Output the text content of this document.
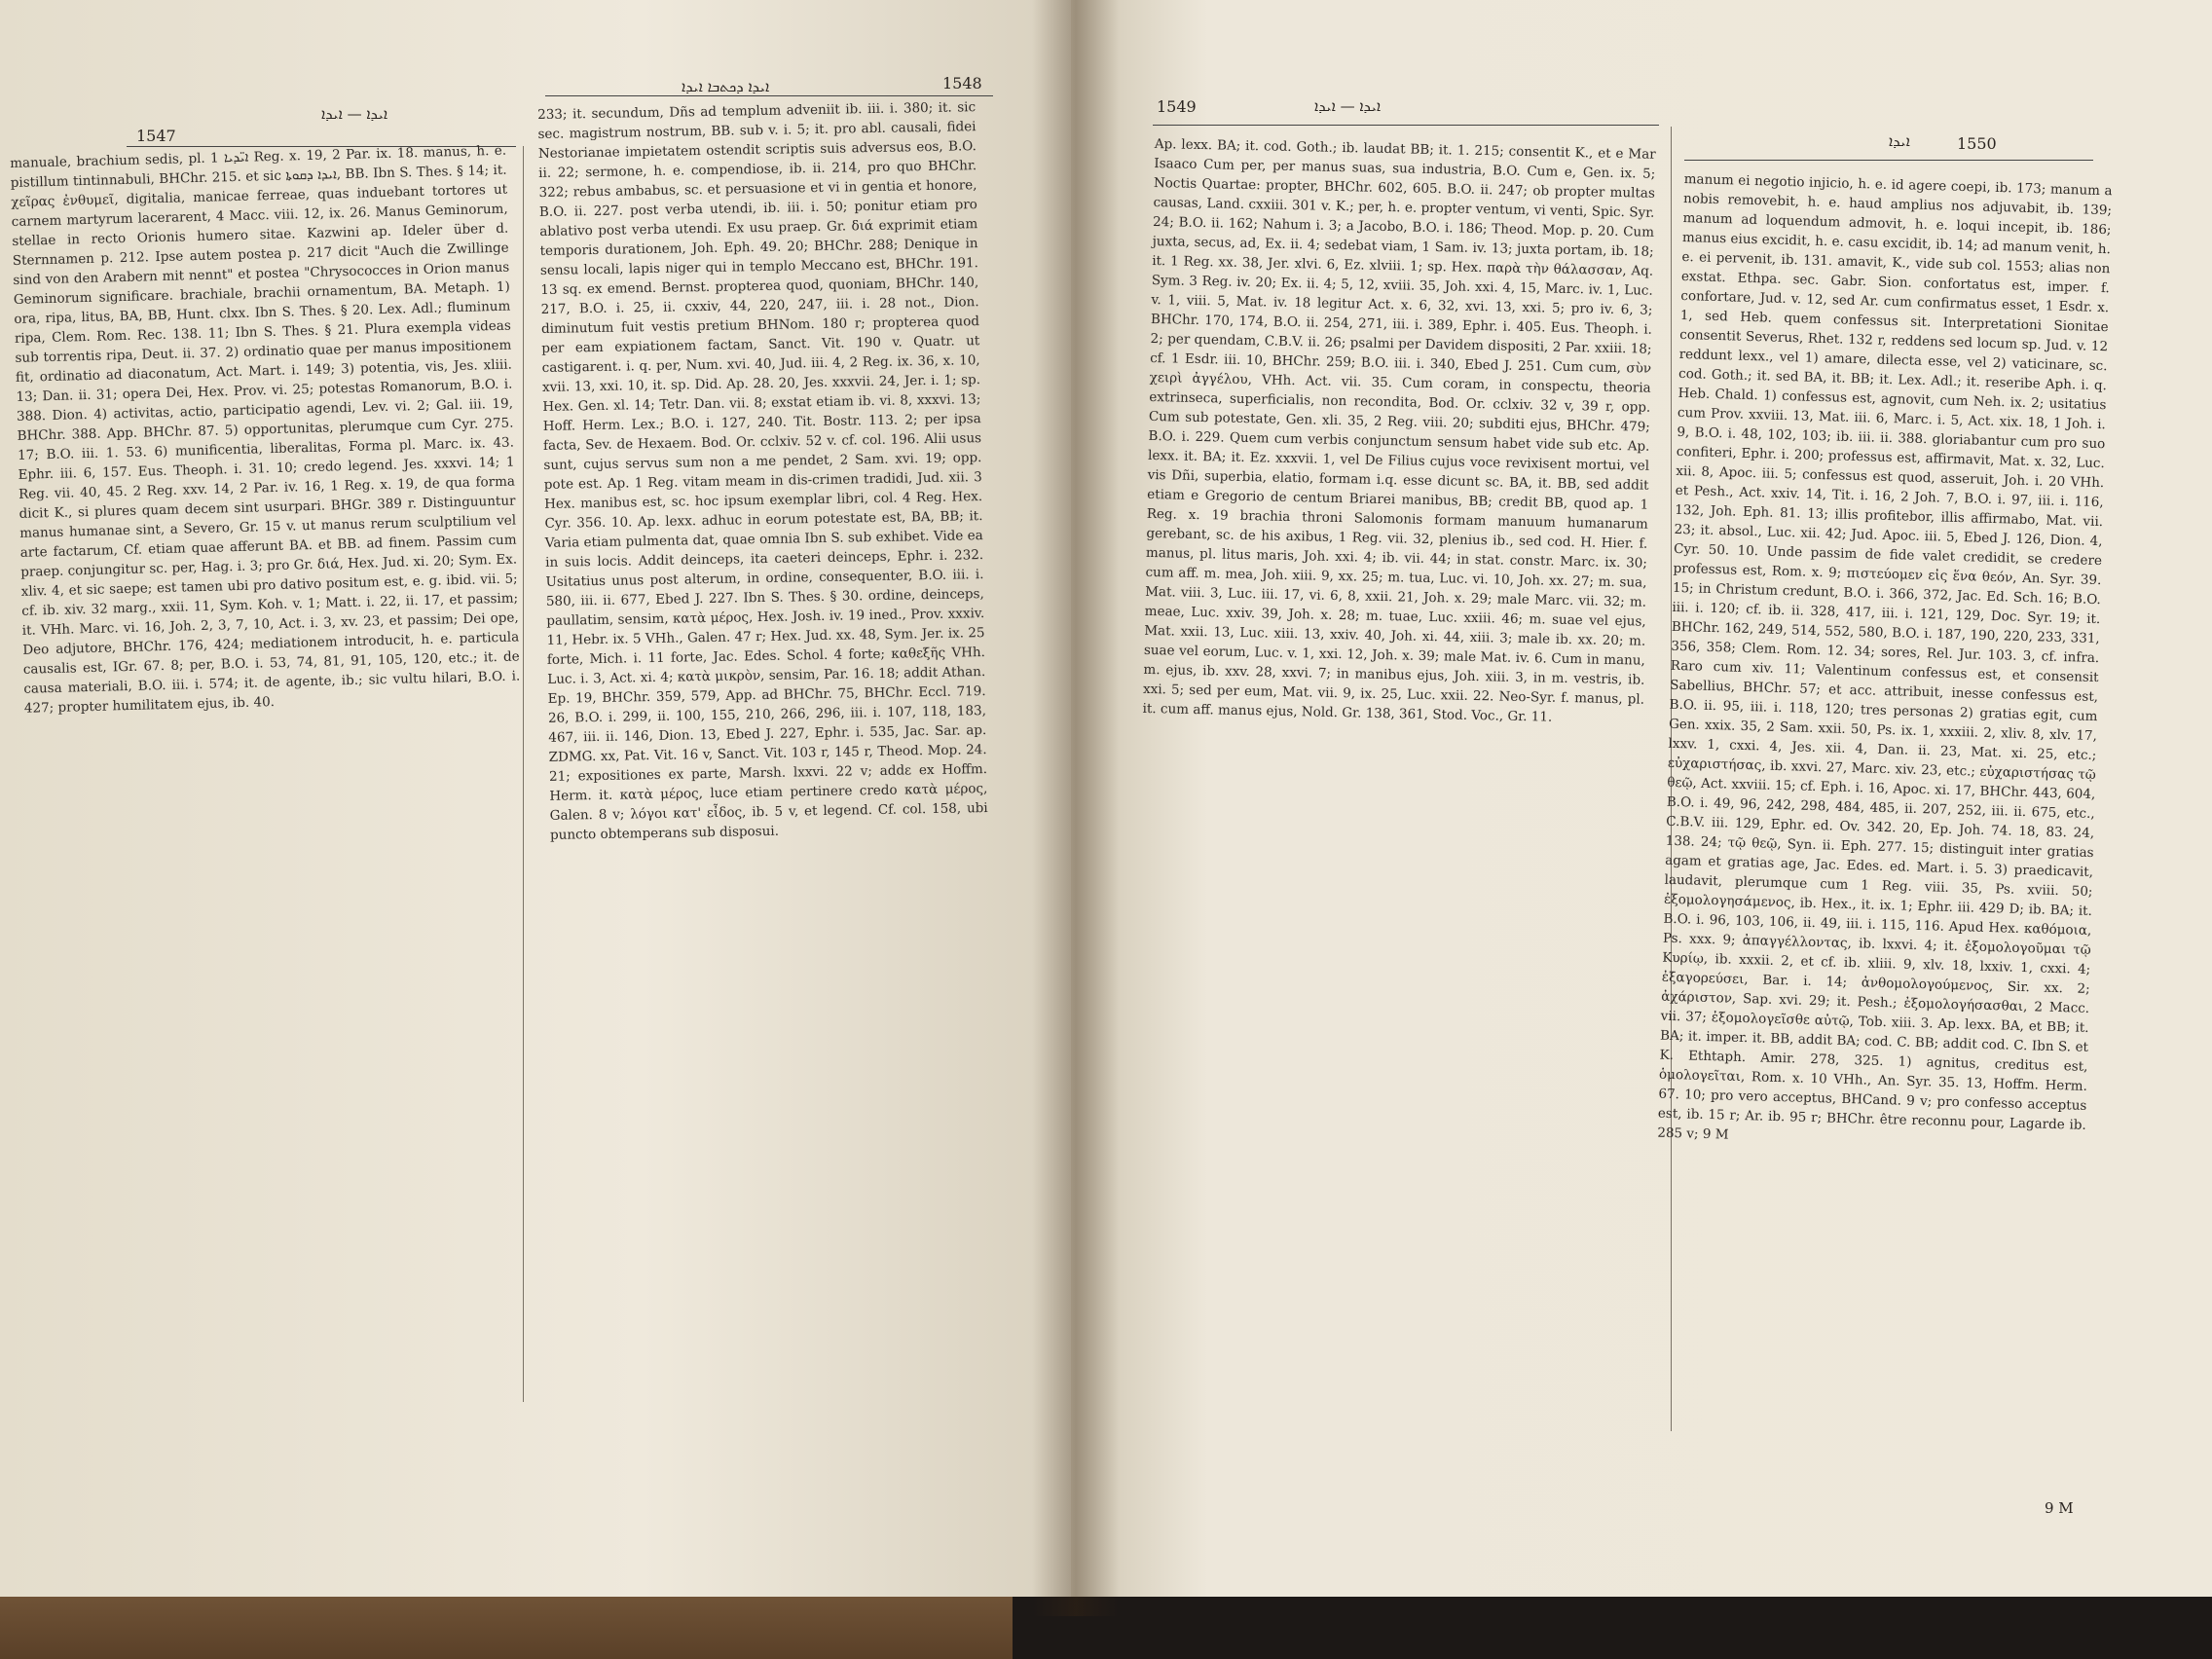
1547
ܐܝܕܐ — ܐܝܕܐ
ܐܝܕܐ ܕܟܬܒܐ ܐܝܕܐ	1548

manuale, brachium sedis, pl. ܐܝ̈ܕܝܐ 1 Reg. x. 19, 2 Par. ix. 18. manus, h. e. pistillum tintinnabuli, BHChr. 215. et sic ܐܝܕܐ ܕܩܘܬܐ, BB. Ibn S. Thes. § 14; it. χεῖρας ἐνθυμεῖ, digitalia, manicae ferreae, quas induebant tortores ut carnem martyrum lacerarent, 4 Macc. viii. 12, ix. 26. Manus Geminorum, stellae in recto Orionis humero sitae. Kazwini ap. Ideler über d. Sternnamen p. 212. Ipse autem postea p. 217 dicit "Auch die Zwillinge sind von den Arabern mit nennt" et postea "Chrysococces in Orion manus Geminorum significare. brachiale, brachii ornamentum, BA. Metaph. 1) ora, ripa, litus, BA, BB, Hunt. clxx. Ibn S. Thes. § 20. Lex. Adl.; fluminum ripa, Clem. Rom. Rec. 138. 11; Ibn S. Thes. § 21. Plura exempla videas sub torrentis ripa, Deut. ii. 37. 2) ordinatio quae per manus impositionem fit, ordinatio ad diaconatum, Act. Mart. i. 149; 3) potentia, vis, Jes. xliii. 13; Dan. ii. 31; opera Dei, Hex. Prov. vi. 25; potestas Romanorum, B.O. i. 388. Dion. 4) activitas, actio, participatio agendi, Lev. vi. 2; Gal. iii. 19, BHChr. 388. App. BHChr. 87. 5) opportunitas, plerumque cum Cyr. 275. 17; B.O. iii. 1. 53. 6) munificentia, liberalitas, Forma pl. Marc. ix. 43. Ephr. iii. 6, 157. Eus. Theoph. i. 31. 10; credo legend. Jes. xxxvi. 14; 1 Reg. vii. 40, 45. 2 Reg. xxv. 14, 2 Par. iv. 16, 1 Reg. x. 19, de qua forma dicit K., si plures quam decem sint usurpari. BHGr. 389 r. Distinguuntur manus humanae sint, a Severo, Gr. 15 v. ut manus rerum sculptilium vel arte factarum, Cf. etiam quae afferunt BA. et BB. ad finem. Passim cum praep. conjungitur sc. per, Hag. i. 3; pro Gr. διά, Hex. Jud. xi. 20; Sym. Ex. xliv. 4, et sic saepe; est tamen ubi pro dativo positum est, e. g. ibid. vii. 5; cf. ib. xiv. 32 marg., xxii. 11, Sym. Koh. v. 1; Matt. i. 22, ii. 17, et passim; it. VHh. Marc. vi. 16, Joh. 2, 3, 7, 10, Act. i. 3, xv. 23, et passim; Dei ope, Deo adjutore, BHChr. 176, 424; mediationem introducit, h. e. particula causalis est, IGr. 67. 8; per, B.O. i. 53, 74, 81, 91, 105, 120, etc.; it. de causa materiali, B.O. iii. i. 574; it. de agente, ib.; sic vultu hilari, B.O. i. 427; propter humilitatem ejus, ib. 40.

233; it. secundum, Dñs ad templum adveniit ib. iii. i. 380; it. sic sec. magistrum nostrum, BB. sub v. i. 5; it. pro abl. causali, fidei Nestorianae impietatem ostendit scriptis suis adversus eos, B.O. ii. 22; sermone, h. e. compendiose, ib. ii. 214, pro quo BHChr. 322; rebus ambabus, sc. et persuasione et vi in gentia et honore, B.O. ii. 227. post verba utendi, ib. iii. i. 50; ponitur etiam pro ablativo post verba utendi. Ex usu praep. Gr. διά exprimit etiam temporis durationem, Joh. Eph. 49. 20; BHChr. 288; Denique in sensu locali, lapis niger qui in templo Meccano est, BHChr. 191. 13 sq. ex emend. Bernst. propterea quod, quoniam, BHChr. 140, 217, B.O. i. 25, ii. cxxiv, 44, 220, 247, iii. i. 28 not., Dion. diminutum fuit vestis pretium BHNom. 180 r; propterea quod per eam expiationem factam, Sanct. Vit. 190 v. Quatr. ut castigarent. i. q. per, Num. xvi. 40, Jud. iii. 4, 2 Reg. ix. 36, x. 10, xvii. 13, xxi. 10, it. sp. Did. Ap. 28. 20, Jes. xxxvii. 24, Jer. i. 1; sp. Hex. Gen. xl. 14; Tetr. Dan. vii. 8; exstat etiam ib. vi. 8, xxxvi. 13; Hoff. Herm. Lex.; B.O. i. 127, 240. Tit. Bostr. 113. 2; per ipsa facta, Sev. de Hexaem. Bod. Or. cclxiv. 52 v. cf. col. 196. Alii usus sunt, cujus servus sum non a me pendet, 2 Sam. xvi. 19; opp. pote est. Ap. 1 Reg. vitam meam in dis-crimen tradidi, Jud. xii. 3 Hex. manibus est, sc. hoc ipsum exemplar libri, col. 4 Reg. Hex. Cyr. 356. 10. Ap. lexx. adhuc in eorum potestate est, BA, BB; it. Varia etiam pulmenta dat, quae omnia Ibn S. sub exhibet. Vide ea in suis locis. Addit deinceps, ita caeteri deinceps, Ephr. i. 232. Usitatius unus post alterum, in ordine, consequenter, B.O. iii. i. 580, iii. ii. 677, Ebed J. 227. Ibn S. Thes. § 30. ordine, deinceps, paullatim, sensim, κατὰ μέρος, Hex. Josh. iv. 19 ined., Prov. xxxiv. 11, Hebr. ix. 5 VHh., Galen. 47 r; Hex. Jud. xx. 48, Sym. Jer. ix. 25 forte, Mich. i. 11 forte, Jac. Edes. Schol. 4 forte; καθεξῆς VHh. Luc. i. 3, Act. xi. 4; κατὰ μικρὸν, sensim, Par. 16. 18; addit Athan. Ep. 19, BHChr. 359, 579, App. ad BHChr. 75, BHChr. Eccl. 719. 26, B.O. i. 299, ii. 100, 155, 210, 266, 296, iii. i. 107, 118, 183, 467, iii. ii. 146, Dion. 13, Ebed J. 227, Ephr. i. 535, Jac. Sar. ap. ZDMG. xx, Pat. Vit. 16 v, Sanct. Vit. 103 r, 145 r, Theod. Mop. 24. 21; expositiones ex parte, Marsh. lxxvi. 22 v; addε ex Hoffm. Herm. it. κατὰ μέρος, luce etiam pertinere credo κατὰ μέρος, Galen. 8 v; λόγοι κατ' εἶδος, ib. 5 v, et legend. Cf. col. 158, ubi puncto obtemperans sub disposui.

1549	ܐܝܕܐ — ܐܝܕܐ
ܐܝܕܐ	1550

Ap. lexx. BA; it. cod. Goth.; ib. laudat BB; it. 1. 215; consentit K., et e Mar Isaaco Cum per, per manus suas, sua industria, B.O. Cum e, Gen. ix. 5; Noctis Quartae: propter, BHChr. 602, 605. B.O. ii. 247; ob propter multas causas, Land. cxxiii. 301 v. K.; per, h. e. propter ventum, vi venti, Spic. Syr. 24; B.O. ii. 162; Nahum i. 3; a Jacobo, B.O. i. 186; Theod. Mop. p. 20. Cum juxta, secus, ad, Ex. ii. 4; sedebat viam, 1 Sam. iv. 13; juxta portam, ib. 18; it. 1 Reg. xx. 38, Jer. xlvi. 6, Ez. xlviii. 1; sp. Hex. παρὰ τὴν θάλασσαν, Aq. Sym. 3 Reg. iv. 20; Ex. ii. 4; 5, 12, xviii. 35, Joh. xxi. 4, 15, Marc. iv. 1, Luc. v. 1, viii. 5, Mat. iv. 18 legitur Act. x. 6, 32, xvi. 13, xxi. 5; pro iv. 6, 3; BHChr. 170, 174, B.O. ii. 254, 271, iii. i. 389, Ephr. i. 405. Eus. Theoph. i. 2; per quendam, C.B.V. ii. 26; psalmi per Davidem dispositi, 2 Par. xxiii. 18; cf. 1 Esdr. iii. 10, BHChr. 259; B.O. iii. i. 340, Ebed J. 251. Cum cum, σὺν χειρὶ ἀγγέλου, VHh. Act. vii. 35. Cum coram, in conspectu, theoria extrinseca, superficialis, non recondita, Bod. Or. cclxiv. 32 v, 39 r, opp. Cum sub potestate, Gen. xli. 35, 2 Reg. viii. 20; subditi ejus, BHChr. 479; B.O. i. 229. Quem cum verbis conjunctum sensum habet vide sub etc. Ap. lexx. it. BA; it. Ez. xxxvii. 1, vel De Filius cujus voce revixisent mortui, vel vis Dñi, superbia, elatio, formam i.q. esse dicunt sc. BA, it. BB, sed addit etiam e Gregorio de centum Briarei manibus, BB; credit BB, quod ap. 1 Reg. x. 19 brachia throni Salomonis formam manuum humanarum gerebant, sc. de his axibus, 1 Reg. vii. 32, plenius ib., sed cod. H. Hier. f. manus, pl. litus maris, Joh. xxi. 4; ib. vii. 44; in stat. constr. Marc. ix. 30; cum aff. m. mea, Joh. xiii. 9, xx. 25; m. tua, Luc. vi. 10, Joh. xx. 27; m. sua, Mat. viii. 3, Luc. iii. 17, vi. 6, 8, xxii. 21, Joh. x. 29; male Marc. vii. 32; m. meae, Luc. xxiv. 39, Joh. x. 28; m. tuae, Luc. xxiii. 46; m. suae vel ejus, Mat. xxii. 13, Luc. xiii. 13, xxiv. 40, Joh. xi. 44, xiii. 3; male ib. xx. 20; m. suae vel eorum, Luc. v. 1, xxi. 12, Joh. x. 39; male Mat. iv. 6. Cum in manu, m. ejus, ib. xxv. 28, xxvi. 7; in manibus ejus, Joh. xiii. 3, in m. vestris, ib. xxi. 5; sed per eum, Mat. vii. 9, ix. 25, Luc. xxii. 22. Neo-Syr. f. manus, pl. it. cum aff. manus ejus, Nold. Gr. 138, 361, Stod. Voc., Gr. 11.

manum ei negotio injicio, h. e. id agere coepi, ib. 173; manum a nobis removebit, h. e. haud amplius nos adjuvabit, ib. 139; manum ad loquendum admovit, h. e. loqui incepit, ib. 186; manus eius excidit, h. e. casu excidit, ib. 14; ad manum venit, h. e. ei pervenit, ib. 131. amavit, K., vide sub col. 1553; alias non exstat. Ethpa. sec. Gabr. Sion. confortatus est, imper. f. confortare, Jud. v. 12, sed Ar. cum confirmatus esset, 1 Esdr. x. 1, sed Heb. quem confessus sit. Interpretationi Sionitae consentit Severus, Rhet. 132 r, reddens sed locum sp. Jud. v. 12 reddunt lexx., vel 1) amare, dilecta esse, vel 2) vaticinare, sc. cod. Goth.; it. sed BA, it. BB; it. Lex. Adl.; it. reseribe Aph. i. q. Heb. Chald. 1) confessus est, agnovit, cum Neh. ix. 2; usitatius cum Prov. xxviii. 13, Mat. iii. 6, Marc. i. 5, Act. xix. 18, 1 Joh. i. 9, B.O. i. 48, 102, 103; ib. iii. ii. 388. gloriabantur cum pro suo confiteri, Ephr. i. 200; professus est, affirmavit, Mat. x. 32, Luc. xii. 8, Apoc. iii. 5; confessus est quod, asseruit, Joh. i. 20 VHh. et Pesh., Act. xxiv. 14, Tit. i. 16, 2 Joh. 7, B.O. i. 97, iii. i. 116, 132, Joh. Eph. 81. 13; illis profitebor, illis affirmabo, Mat. vii. 23; it. absol., Luc. xii. 42; Jud. Apoc. iii. 5, Ebed J. 126, Dion. 4, Cyr. 50. 10. Unde passim de fide valet credidit, se credere professus est, Rom. x. 9; πιστεύομεν εἰς ἕνα θεόν, An. Syr. 39. 15; in Christum credunt, B.O. i. 366, 372, Jac. Ed. Sch. 16; B.O. iii. i. 120; cf. ib. ii. 328, 417, iii. i. 121, 129, Doc. Syr. 19; it. BHChr. 162, 249, 514, 552, 580, B.O. i. 187, 190, 220, 233, 331, 356, 358; Clem. Rom. 12. 34; sores, Rel. Jur. 103. 3, cf. infra. Raro cum xiv. 11; Valentinum confessus est, et consensit Sabellius, BHChr. 57; et acc. attribuit, inesse confessus est, B.O. ii. 95, iii. i. 118, 120; tres personas 2) gratias egit, cum Gen. xxix. 35, 2 Sam. xxii. 50, Ps. ix. 1, xxxiii. 2, xliv. 8, xlv. 17, lxxv. 1, cxxi. 4, Jes. xii. 4, Dan. ii. 23, Mat. xi. 25, etc.; εὐχαριστήσας, ib. xxvi. 27, Marc. xiv. 23, etc.; εὐχαριστήσας τῷ θεῷ, Act. xxviii. 15; cf. Eph. i. 16, Apoc. xi. 17, BHChr. 443, 604, B.O. i. 49, 96, 242, 298, 484, 485, ii. 207, 252, iii. ii. 675, etc., C.B.V. iii. 129, Ephr. ed. Ov. 342. 20, Ep. Joh. 74. 18, 83. 24, 138. 24; τῷ θεῷ, Syn. ii. Eph. 277. 15; distinguit inter gratias agam et gratias age, Jac. Edes. ed. Mart. i. 5. 3) praedicavit, laudavit, plerumque cum 1 Reg. viii. 35, Ps. xviii. 50; ἐξομολογησάμενος, ib. Hex., it. ix. 1; Ephr. iii. 429 D; ib. BA; it. B.O. i. 96, 103, 106, ii. 49, iii. i. 115, 116. Apud Hex. καθόμοια, Ps. xxx. 9; ἀπαγγέλλοντας, ib. lxxvi. 4; it. ἐξομολογοῦμαι τῷ Κυρίῳ, ib. xxxii. 2, et cf. ib. xliii. 9, xlv. 18, lxxiv. 1, cxxi. 4; ἐξαγορεύσει, Bar. i. 14; ἀνθομολογούμενος, Sir. xx. 2; ἀχάριστον, Sap. xvi. 29; it. Pesh.; ἐξομολογήσασθαι, 2 Macc. vii. 37; ἐξομολογεῖσθε αὐτῷ, Tob. xiii. 3. Ap. lexx. BA, et BB; it. BA; it. imper. it. BB, addit BA; cod. C. BB; addit cod. C. Ibn S. et K. Ethtaph. Amir. 278, 325. 1) agnitus, creditus est, ὁμολογεῖται, Rom. x. 10 VHh., An. Syr. 35. 13, Hoffm. Herm. 67. 10; pro vero acceptus, BHCand. 9 v; pro confesso acceptus est, ib. 15 r; Ar. ib. 95 r; BHChr. être reconnu pour, Lagarde ib. 285 v; 9 M

9 M
